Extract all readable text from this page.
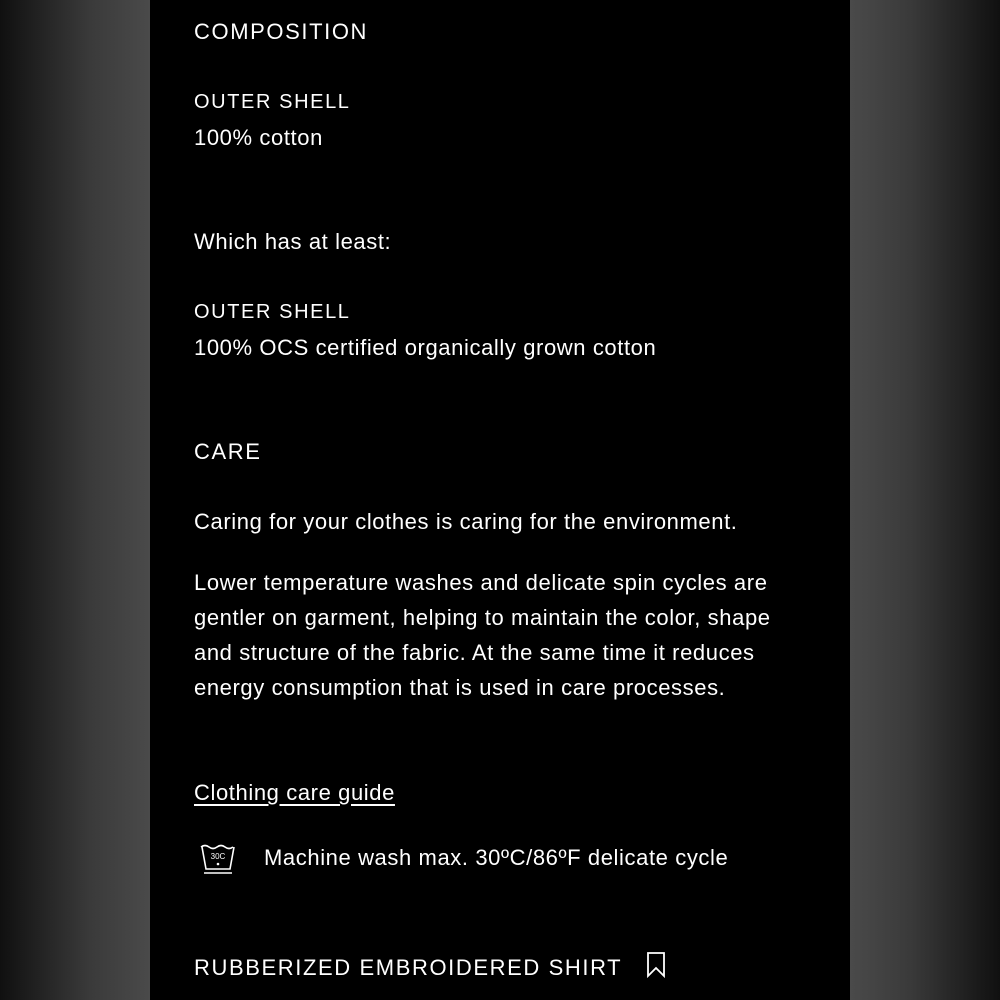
COMPOSITION

OUTER SHELL

100% cotton

Which has at least:

OUTER SHELL

100% OCS certified organically grown cotton

CARE

Caring for your clothes is caring for the environment.

Lower temperature washes and delicate spin cycles are gentler on garment, helping to maintain the color, shape and structure of the fabric. At the same time it reduces energy consumption that is used in care processes.

Clothing care guide

30C Machine wash max. 30ºC/86ºF delicate cycle
RUBBERIZED EMBROIDERED SHIRT
